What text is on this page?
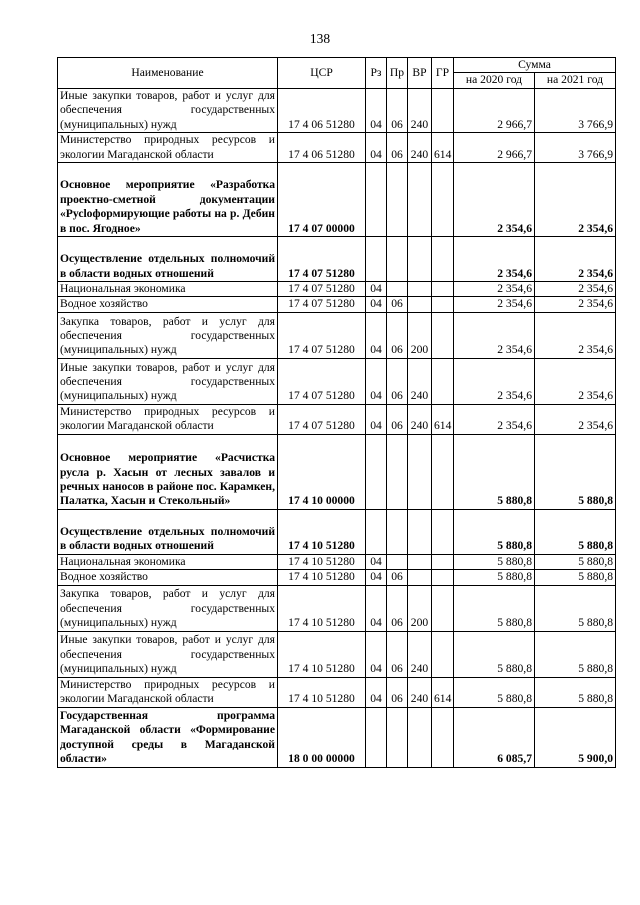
138
Наименование	ЦСР	Рз	Пр	ВР	ГР	Сумма	
						на 2020 год	на 2021 год
Иные закупки товаров, работ и услуг для обеспечения государственных (муниципальных) нужд	17 4 06 51280	04	06	240		2 966,7	3 766,9
Министерство природных ресурсов и экологии Магаданской области	17 4 06 51280	04	06	240	614	2 966,7	3 766,9
Основное мероприятие «Разработка проектно-сметной документации «Русloформирующие работы на р. Дебин в пос. Ягодное»	17 4 07 00000					2 354,6	2 354,6
Осуществление отдельных полномочий в области водных отношений	17 4 07 51280					2 354,6	2 354,6
Национальная экономика	17 4 07 51280	04				2 354,6	2 354,6
Водное хозяйство	17 4 07 51280	04	06			2 354,6	2 354,6
Закупка товаров, работ и услуг для обеспечения государственных (муниципальных) нужд	17 4 07 51280	04	06	200		2 354,6	2 354,6
Иные закупки товаров, работ и услуг для обеспечения государственных (муниципальных) нужд	17 4 07 51280	04	06	240		2 354,6	2 354,6
Министерство природных ресурсов и экологии Магаданской области	17 4 07 51280	04	06	240	614	2 354,6	2 354,6
Основное мероприятие «Расчистка русла р. Хасын от лесных завалов и речных наносов в районе пос. Карамкен, Палатка, Хасын и Стекольный»	17 4 10 00000					5 880,8	5 880,8
Осуществление отдельных полномочий в области водных отношений	17 4 10 51280					5 880,8	5 880,8
Национальная экономика	17 4 10 51280	04				5 880,8	5 880,8
Водное хозяйство	17 4 10 51280	04	06			5 880,8	5 880,8
Закупка товаров, работ и услуг для обеспечения государственных (муниципальных) нужд	17 4 10 51280	04	06	200		5 880,8	5 880,8
Иные закупки товаров, работ и услуг для обеспечения государственных (муниципальных) нужд	17 4 10 51280	04	06	240		5 880,8	5 880,8
Министерство природных ресурсов и экологии Магаданской области	17 4 10 51280	04	06	240	614	5 880,8	5 880,8
Государственная программа Магаданской области «Формирование доступной среды в Магаданской области»	18 0 00 00000					6 085,7	5 900,0
